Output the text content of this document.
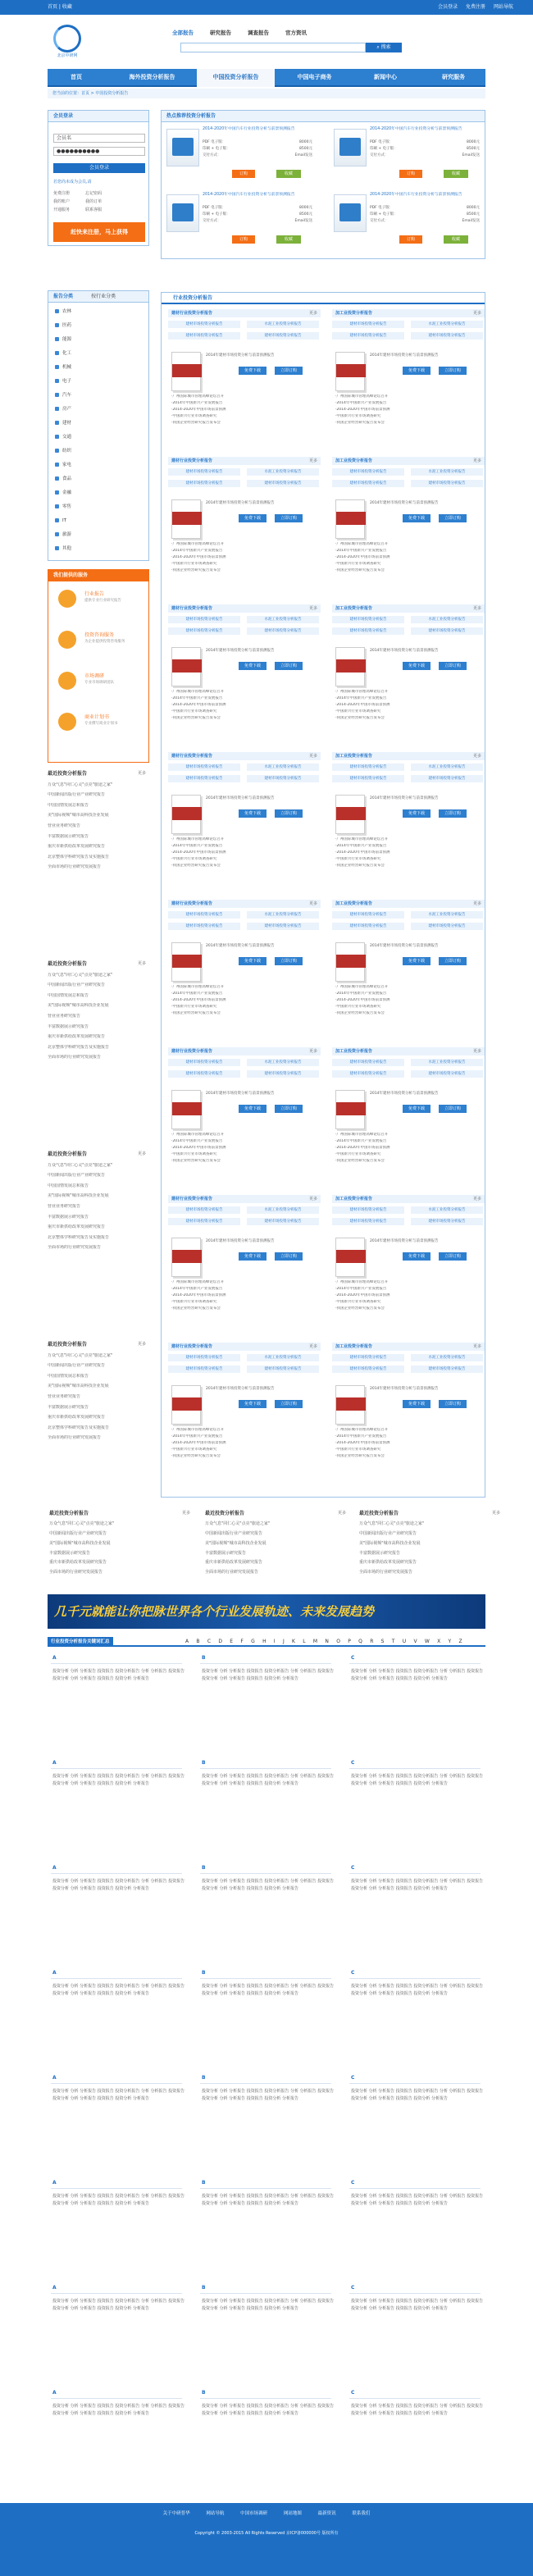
首页 | 收藏	会员登录 免费注册 网站导航
北京中研网
全部报告	研究报告	调查报告	官方资讯
⌕ 搜索
首页	海外投资分析报告	中国投资分析报告	中国电子商务	新闻中心	研究服务
您当前的位置：首页 > 中国投资分析报告
会员登录
会员名
●●●●●●●●●●
会员登录
若您尚未成为会员,请
免费注册	忘记密码
我的账户	我的订单
开通服务	联系客服
赶快来注册，马上获得
报告分类	按行业分类
农林
医药
能源
化工
机械
电子
汽车
房产
建材
交通
纺织
家电
食品
金融
零售
IT
旅游
其他
我们提供的服务
行业报告
提供专业行业研究报告
投资咨询服务
为企业提供投资咨询服务
市场调研
专业市场调研团队
商业计划书
专业撰写商业计划书
最近投资分析报告	更多
万众气息"同仁心灵"点亮"旅途之家"
中国新闻出版行业产业研究报告
中国国情发展总和报告
美"国际视频"城市高科技企业发展
营业业务研究报告
丰富数据展示研究报告
重庆市新供给改革发展研究报告
北京整体学科研究报告及实施报告
全面市场的行业研究发展报告
最近投资分析报告	更多
万众气息"同仁心灵"点亮"旅途之家"
中国新闻出版行业产业研究报告
中国国情发展总和报告
美"国际视频"城市高科技企业发展
营业业务研究报告
丰富数据展示研究报告
重庆市新供给改革发展研究报告
北京整体学科研究报告及实施报告
全面市场的行业研究发展报告
最近投资分析报告	更多
万众气息"同仁心灵"点亮"旅途之家"
中国新闻出版行业产业研究报告
中国国情发展总和报告
美"国际视频"城市高科技企业发展
营业业务研究报告
丰富数据展示研究报告
重庆市新供给改革发展研究报告
北京整体学科研究报告及实施报告
全面市场的行业研究发展报告
最近投资分析报告	更多
万众气息"同仁心灵"点亮"旅途之家"
中国新闻出版行业产业研究报告
中国国情发展总和报告
美"国际视频"城市高科技企业发展
营业业务研究报告
丰富数据展示研究报告
重庆市新供给改革发展研究报告
北京整体学科研究报告及实施报告
全面市场的行业研究发展报告
热点推荐投资分析报告
2014-2020年中国汽车行业投资分析与前景预测报告
PDF 电子版：	8000元
印刷 + 电子版：	8500元
交付方式：	Email发送
订购	收藏
2014-2020年中国汽车行业投资分析与前景预测报告
PDF 电子版：	8000元
印刷 + 电子版：	8500元
交付方式：	Email发送
订购	收藏
2014-2020年中国汽车行业投资分析与前景预测报告
PDF 电子版：	8000元
印刷 + 电子版：	8500元
交付方式：	Email发送
订购	收藏
2014-2020年中国汽车行业投资分析与前景预测报告
PDF 电子版：	8000元
印刷 + 电子版：	8500元
交付方式：	Email发送
订购	收藏
行业投资分析报告
建材行业投资分析报告	更多
建材市场投资分析报告	水泥工业投资分析报告
建材市场投资分析报告	建材市场投资分析报告
2014年建材市场投资分析与前景预测报告
免费下载	立即订购
·广州国际城市管理高峰论坛召开
·2014年中国新兴产业发展报告
·2014-2020年中国市场前景预测
·中国新兴行业市场调查研究
·我国企业经营研究报告发布会
加工业投资分析报告	更多
建材市场投资分析报告	水泥工业投资分析报告
建材市场投资分析报告	建材市场投资分析报告
2014年建材市场投资分析与前景预测报告
免费下载	立即订购
·广州国际城市管理高峰论坛召开
·2014年中国新兴产业发展报告
·2014-2020年中国市场前景预测
·中国新兴行业市场调查研究
·我国企业经营研究报告发布会
建材行业投资分析报告	更多
建材市场投资分析报告	水泥工业投资分析报告
建材市场投资分析报告	建材市场投资分析报告
2014年建材市场投资分析与前景预测报告
免费下载	立即订购
·广州国际城市管理高峰论坛召开
·2014年中国新兴产业发展报告
·2014-2020年中国市场前景预测
·中国新兴行业市场调查研究
·我国企业经营研究报告发布会
加工业投资分析报告	更多
建材市场投资分析报告	水泥工业投资分析报告
建材市场投资分析报告	建材市场投资分析报告
2014年建材市场投资分析与前景预测报告
免费下载	立即订购
·广州国际城市管理高峰论坛召开
·2014年中国新兴产业发展报告
·2014-2020年中国市场前景预测
·中国新兴行业市场调查研究
·我国企业经营研究报告发布会
建材行业投资分析报告	更多
建材市场投资分析报告	水泥工业投资分析报告
建材市场投资分析报告	建材市场投资分析报告
2014年建材市场投资分析与前景预测报告
免费下载	立即订购
·广州国际城市管理高峰论坛召开
·2014年中国新兴产业发展报告
·2014-2020年中国市场前景预测
·中国新兴行业市场调查研究
·我国企业经营研究报告发布会
加工业投资分析报告	更多
建材市场投资分析报告	水泥工业投资分析报告
建材市场投资分析报告	建材市场投资分析报告
2014年建材市场投资分析与前景预测报告
免费下载	立即订购
·广州国际城市管理高峰论坛召开
·2014年中国新兴产业发展报告
·2014-2020年中国市场前景预测
·中国新兴行业市场调查研究
·我国企业经营研究报告发布会
建材行业投资分析报告	更多
建材市场投资分析报告	水泥工业投资分析报告
建材市场投资分析报告	建材市场投资分析报告
2014年建材市场投资分析与前景预测报告
免费下载	立即订购
·广州国际城市管理高峰论坛召开
·2014年中国新兴产业发展报告
·2014-2020年中国市场前景预测
·中国新兴行业市场调查研究
·我国企业经营研究报告发布会
加工业投资分析报告	更多
建材市场投资分析报告	水泥工业投资分析报告
建材市场投资分析报告	建材市场投资分析报告
2014年建材市场投资分析与前景预测报告
免费下载	立即订购
·广州国际城市管理高峰论坛召开
·2014年中国新兴产业发展报告
·2014-2020年中国市场前景预测
·中国新兴行业市场调查研究
·我国企业经营研究报告发布会
建材行业投资分析报告	更多
建材市场投资分析报告	水泥工业投资分析报告
建材市场投资分析报告	建材市场投资分析报告
2014年建材市场投资分析与前景预测报告
免费下载	立即订购
·广州国际城市管理高峰论坛召开
·2014年中国新兴产业发展报告
·2014-2020年中国市场前景预测
·中国新兴行业市场调查研究
·我国企业经营研究报告发布会
加工业投资分析报告	更多
建材市场投资分析报告	水泥工业投资分析报告
建材市场投资分析报告	建材市场投资分析报告
2014年建材市场投资分析与前景预测报告
免费下载	立即订购
·广州国际城市管理高峰论坛召开
·2014年中国新兴产业发展报告
·2014-2020年中国市场前景预测
·中国新兴行业市场调查研究
·我国企业经营研究报告发布会
建材行业投资分析报告	更多
建材市场投资分析报告	水泥工业投资分析报告
建材市场投资分析报告	建材市场投资分析报告
2014年建材市场投资分析与前景预测报告
免费下载	立即订购
·广州国际城市管理高峰论坛召开
·2014年中国新兴产业发展报告
·2014-2020年中国市场前景预测
·中国新兴行业市场调查研究
·我国企业经营研究报告发布会
加工业投资分析报告	更多
建材市场投资分析报告	水泥工业投资分析报告
建材市场投资分析报告	建材市场投资分析报告
2014年建材市场投资分析与前景预测报告
免费下载	立即订购
·广州国际城市管理高峰论坛召开
·2014年中国新兴产业发展报告
·2014-2020年中国市场前景预测
·中国新兴行业市场调查研究
·我国企业经营研究报告发布会
建材行业投资分析报告	更多
建材市场投资分析报告	水泥工业投资分析报告
建材市场投资分析报告	建材市场投资分析报告
2014年建材市场投资分析与前景预测报告
免费下载	立即订购
·广州国际城市管理高峰论坛召开
·2014年中国新兴产业发展报告
·2014-2020年中国市场前景预测
·中国新兴行业市场调查研究
·我国企业经营研究报告发布会
加工业投资分析报告	更多
建材市场投资分析报告	水泥工业投资分析报告
建材市场投资分析报告	建材市场投资分析报告
2014年建材市场投资分析与前景预测报告
免费下载	立即订购
·广州国际城市管理高峰论坛召开
·2014年中国新兴产业发展报告
·2014-2020年中国市场前景预测
·中国新兴行业市场调查研究
·我国企业经营研究报告发布会
建材行业投资分析报告	更多
建材市场投资分析报告	水泥工业投资分析报告
建材市场投资分析报告	建材市场投资分析报告
2014年建材市场投资分析与前景预测报告
免费下载	立即订购
·广州国际城市管理高峰论坛召开
·2014年中国新兴产业发展报告
·2014-2020年中国市场前景预测
·中国新兴行业市场调查研究
·我国企业经营研究报告发布会
加工业投资分析报告	更多
建材市场投资分析报告	水泥工业投资分析报告
建材市场投资分析报告	建材市场投资分析报告
2014年建材市场投资分析与前景预测报告
免费下载	立即订购
·广州国际城市管理高峰论坛召开
·2014年中国新兴产业发展报告
·2014-2020年中国市场前景预测
·中国新兴行业市场调查研究
·我国企业经营研究报告发布会
最近投资分析报告	更多
万众气息"同仁心灵"点亮"旅途之家"
中国新闻出版行业产业研究报告
美"国际视频"城市高科技企业发展
丰富数据展示研究报告
重庆市新供给改革发展研究报告
全面市场的行业研究发展报告
最近投资分析报告	更多
万众气息"同仁心灵"点亮"旅途之家"
中国新闻出版行业产业研究报告
美"国际视频"城市高科技企业发展
丰富数据展示研究报告
重庆市新供给改革发展研究报告
全面市场的行业研究发展报告
最近投资分析报告	更多
万众气息"同仁心灵"点亮"旅途之家"
中国新闻出版行业产业研究报告
美"国际视频"城市高科技企业发展
丰富数据展示研究报告
重庆市新供给改革发展研究报告
全面市场的行业研究发展报告
几千元就能让你把脉世界各个行业发展轨迹、未来发展趋势
行业投资分析报告关键词汇总	A B C D E F G H I J K L M N O P Q R S T U V W X Y Z
A
投资分析 分析 分析报告 投资报告 投资分析报告 分析 分析报告 投资报告 投资分析 分析 分析报告 投资报告 投资分析 分析报告
B
投资分析 分析 分析报告 投资报告 投资分析报告 分析 分析报告 投资报告 投资分析 分析 分析报告 投资报告 投资分析 分析报告
C
投资分析 分析 分析报告 投资报告 投资分析报告 分析 分析报告 投资报告 投资分析 分析 分析报告 投资报告 投资分析 分析报告
A
投资分析 分析 分析报告 投资报告 投资分析报告 分析 分析报告 投资报告 投资分析 分析 分析报告 投资报告 投资分析 分析报告
B
投资分析 分析 分析报告 投资报告 投资分析报告 分析 分析报告 投资报告 投资分析 分析 分析报告 投资报告 投资分析 分析报告
C
投资分析 分析 分析报告 投资报告 投资分析报告 分析 分析报告 投资报告 投资分析 分析 分析报告 投资报告 投资分析 分析报告
A
投资分析 分析 分析报告 投资报告 投资分析报告 分析 分析报告 投资报告 投资分析 分析 分析报告 投资报告 投资分析 分析报告
B
投资分析 分析 分析报告 投资报告 投资分析报告 分析 分析报告 投资报告 投资分析 分析 分析报告 投资报告 投资分析 分析报告
C
投资分析 分析 分析报告 投资报告 投资分析报告 分析 分析报告 投资报告 投资分析 分析 分析报告 投资报告 投资分析 分析报告
A
投资分析 分析 分析报告 投资报告 投资分析报告 分析 分析报告 投资报告 投资分析 分析 分析报告 投资报告 投资分析 分析报告
B
投资分析 分析 分析报告 投资报告 投资分析报告 分析 分析报告 投资报告 投资分析 分析 分析报告 投资报告 投资分析 分析报告
C
投资分析 分析 分析报告 投资报告 投资分析报告 分析 分析报告 投资报告 投资分析 分析 分析报告 投资报告 投资分析 分析报告
A
投资分析 分析 分析报告 投资报告 投资分析报告 分析 分析报告 投资报告 投资分析 分析 分析报告 投资报告 投资分析 分析报告
B
投资分析 分析 分析报告 投资报告 投资分析报告 分析 分析报告 投资报告 投资分析 分析 分析报告 投资报告 投资分析 分析报告
C
投资分析 分析 分析报告 投资报告 投资分析报告 分析 分析报告 投资报告 投资分析 分析 分析报告 投资报告 投资分析 分析报告
A
投资分析 分析 分析报告 投资报告 投资分析报告 分析 分析报告 投资报告 投资分析 分析 分析报告 投资报告 投资分析 分析报告
B
投资分析 分析 分析报告 投资报告 投资分析报告 分析 分析报告 投资报告 投资分析 分析 分析报告 投资报告 投资分析 分析报告
C
投资分析 分析 分析报告 投资报告 投资分析报告 分析 分析报告 投资报告 投资分析 分析 分析报告 投资报告 投资分析 分析报告
A
投资分析 分析 分析报告 投资报告 投资分析报告 分析 分析报告 投资报告 投资分析 分析 分析报告 投资报告 投资分析 分析报告
B
投资分析 分析 分析报告 投资报告 投资分析报告 分析 分析报告 投资报告 投资分析 分析 分析报告 投资报告 投资分析 分析报告
C
投资分析 分析 分析报告 投资报告 投资分析报告 分析 分析报告 投资报告 投资分析 分析 分析报告 投资报告 投资分析 分析报告
A
投资分析 分析 分析报告 投资报告 投资分析报告 分析 分析报告 投资报告 投资分析 分析 分析报告 投资报告 投资分析 分析报告
B
投资分析 分析 分析报告 投资报告 投资分析报告 分析 分析报告 投资报告 投资分析 分析 分析报告 投资报告 投资分析 分析报告
C
投资分析 分析 分析报告 投资报告 投资分析报告 分析 分析报告 投资报告 投资分析 分析 分析报告 投资报告 投资分析 分析报告
关于中研普华	网站导航	中国市场调研	网站地图	最新资讯	联系我们
Copyright © 2003-2015 All Rights Reserved 京ICP备000000号 版权所有
